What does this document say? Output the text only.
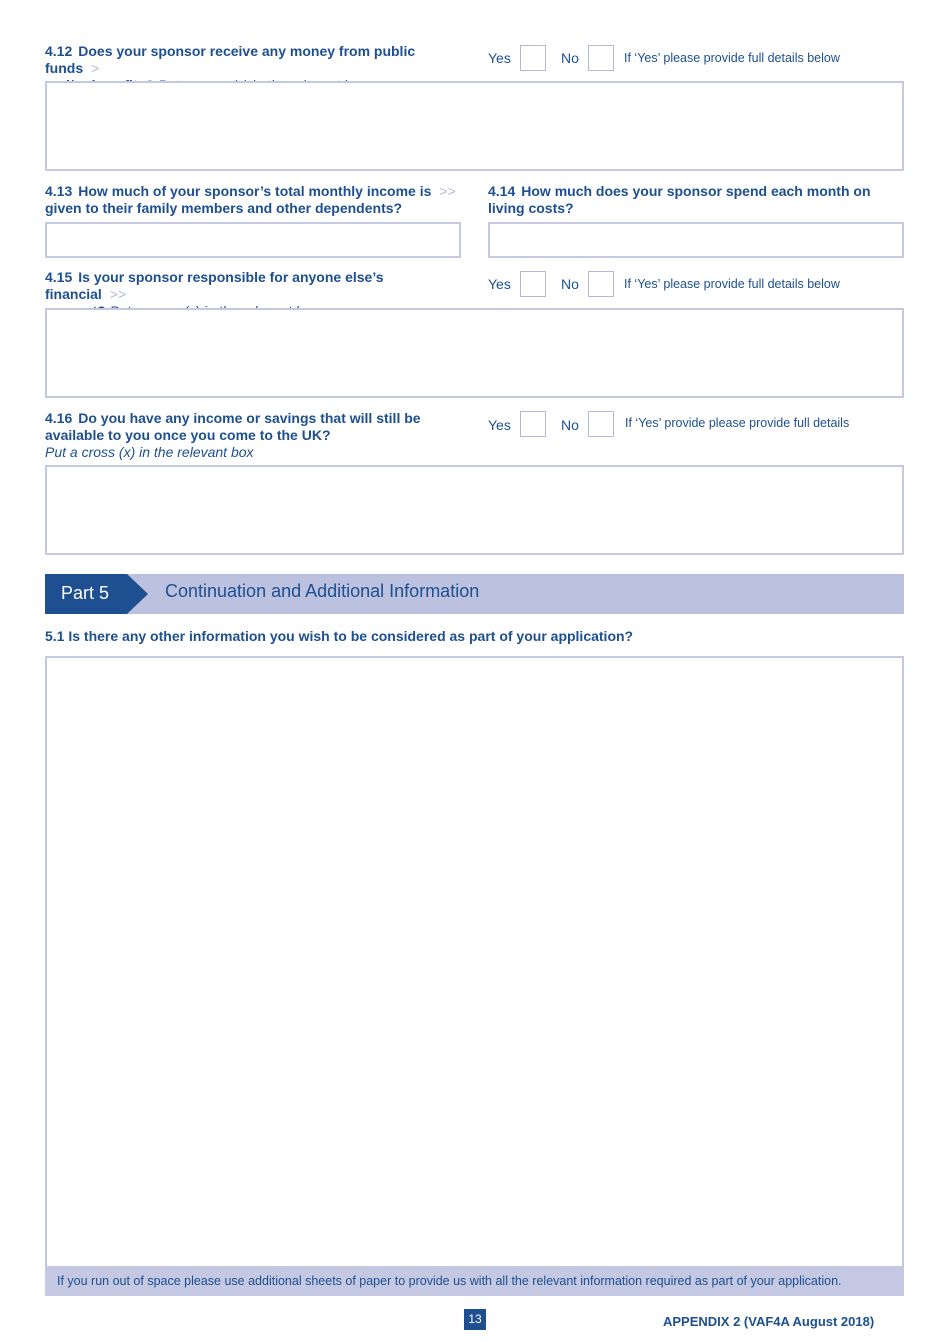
4.12 Does your sponsor receive any money from public funds >
Yes	No	If ‘Yes’ please provide full details below
4.13 How much of your sponsor’s total monthly income is >>
given to their family members and other dependents?
4.14 How much does your sponsor spend each month on
living costs?
4.15 Is your sponsor responsible for anyone else’s financial >>
Yes	No	If ‘Yes’ please provide full details below
4.16 Do you have any income or savings that will still be
available to you once you come to the UK?
Put a cross (x) in the relevant box
Yes	No	If ‘Yes’ provide please provide full details
Part 5	Continuation and Additional Information
5.1 Is there any other information you wish to be considered as part of your application?
If you run out of space please use additional sheets of paper to provide us with all the relevant information required as part of your application.
13	APPENDIX 2 (VAF4A August 2018)
